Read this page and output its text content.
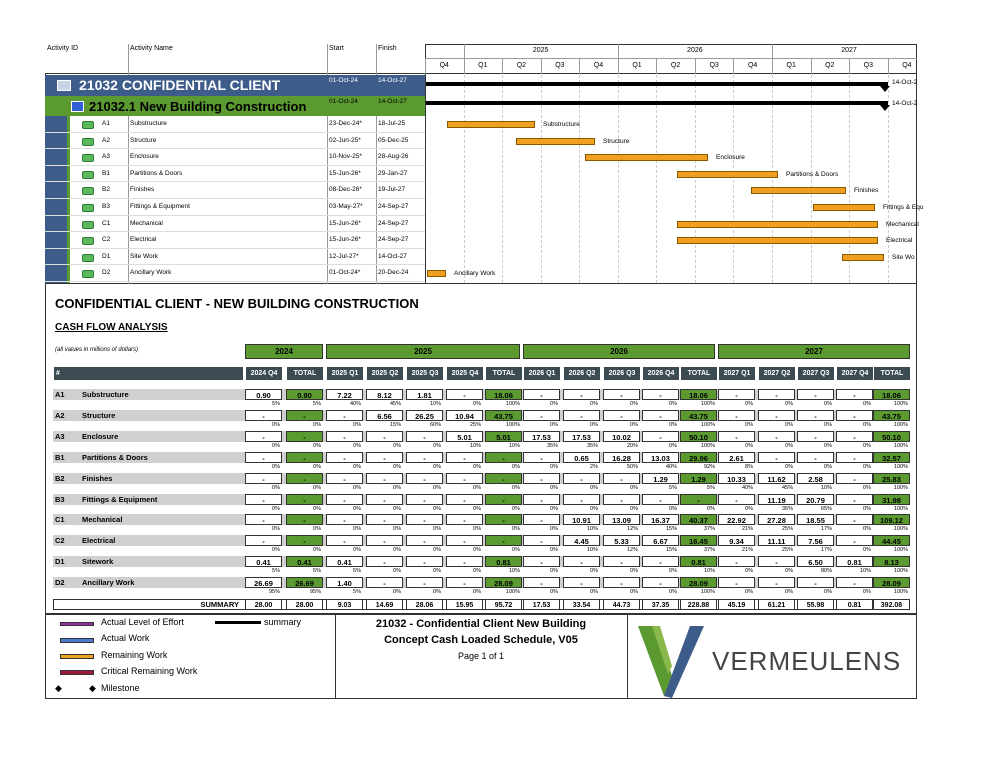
Activity ID	Activity Name	Start	Finish	2025	2026	2027
Q4	Q1	Q2	Q3	Q4	Q1	Q2	Q3	Q4	Q1	Q2	Q3	Q4
21032 CONFIDENTIAL CLIENT	01-Oct-24	14-Oct-27
21032.1 New Building Construction	01-Oct-24	14-Oct-27
A1	Substructure	23-Dec-24* 18-Jul-25	Substructure
A2	Structure	02-Jun-25*	05-Dec-25	Structure
A3	Enclosure	10-Nov-25* 28-Aug-26	Enclosure
B1	Partitions & Doors	15-Jun-26*	29-Jan-27	Partitions & Doors
B2	Finishes	08-Dec-26* 19-Jul-27	Finishes
B3	Fittings & Equipment	03-May-27* 24-Sep-27	Fittings & Equ
C1	Mechanical	15-Jun-26*	24-Sep-27	Mechanical
C2	Electrical	15-Jun-26*	24-Sep-27	Electrical
D1	Site Work	12-Jul-27*	14-Oct-27	Site Wo
D2	Ancillary Work	01-Oct-24*	20-Dec-24	Ancillary Work
14-Oct-2
14-Oct-2
CONFIDENTIAL CLIENT - NEW BUILDING CONSTRUCTION
CASH FLOW ANALYSIS
(all values in millions of dollars)	2024	2025	2026	2027
#	2024 Q4	TOTAL	2025 Q1	2025 Q2	2025 Q3	2025 Q4	TOTAL	2026 Q1	2026 Q2	2026 Q3	2026 Q4	TOTAL	2027 Q1	2027 Q2	2027 Q3	2027 Q4	TOTAL
A1 Substructure	0.90	0.90	7.22	8.12	1.81	-	18.06	-	-	-	-	18.06	-	-	-	-	18.06
5%	5%	40%	45%	10%	0%	100%	0%	0%	0%	0%	100%	0%	0%	0%	0%	100%
A2 Structure	-	-	-	6.56	26.25	10.94	43.75	-	-	-	-	43.75	-	-	-	-	43.75
0%	0%	0%	15%	60%	25%	100%	0%	0%	0%	0%	100%	0%	0%	0%	0%	100%
A3 Enclosure	-	-	-	-	-	5.01	5.01	17.53	17.53	10.02	-	50.10	-	-	-	-	50.10
0%	0%	0%	0%	0%	10%	10%	35%	35%	20%	0%	100%	0%	0%	0%	0%	100%
B1 Partitions & Doors	-	-	-	-	-	-	-	-	0.65	16.28	13.03	29.96	2.61	-	-	-	32.57
0%	0%	0%	0%	0%	0%	0%	0%	2%	50%	40%	92%	8%	0%	0%	0%	100%
B2 Finishes	-	-	-	-	-	-	-	-	-	-	1.29	1.29	10.33	11.62	2.58	-	25.83
0%	0%	0%	0%	0%	0%	0%	0%	0%	0%	5%	5%	40%	45%	10%	0%	100%
B3 Fittings & Equipment	-	-	-	-	-	-	-	-	-	-	-	-	-	11.19	20.79	-	31.98
0%	0%	0%	0%	0%	0%	0%	0%	0%	0%	0%	0%	0%	35%	65%	0%	100%
C1 Mechanical	-	-	-	-	-	-	-	-	10.91	13.09	16.37	40.37	22.92	27.28	18.55	-	109.12
0%	0%	0%	0%	0%	0%	0%	0%	10%	12%	15%	37%	21%	25%	17%	0%	100%
C2 Electrical	-	-	-	-	-	-	-	-	4.45	5.33	6.67	16.45	9.34	11.11	7.56	-	44.45
0%	0%	0%	0%	0%	0%	0%	0%	10%	12%	15%	37%	21%	25%	17%	0%	100%
D1 Sitework	0.41	0.41	0.41	-	-	-	0.81	-	-	-	-	0.81	-	-	6.50	0.81	8.13
5%	5%	5%	0%	0%	0%	10%	0%	0%	0%	0%	10%	0%	0%	80%	10%	100%
D2 Ancillary Work	26.69	26.69	1.40	-	-	-	28.09	-	-	-	-	28.09	-	-	-	-	28.09
95%	95%	5%	0%	0%	0%	100%	0%	0%	0%	0%	100%	0%	0%	0%	0%	100%
SUMMARY	28.00	28.00	9.03	14.69	28.06	15.95	95.72	17.53	33.54	44.73	37.35	228.88	45.19	61.21	55.98	0.81	392.08
Actual Level of Effort	summary
Actual Work
Remaining Work
Critical Remaining Work
◆	◆ Milestone
21032 - Confidential Client New Building
Concept Cash Loaded Schedule, V05
Page 1 of 1	VERMEULENS
